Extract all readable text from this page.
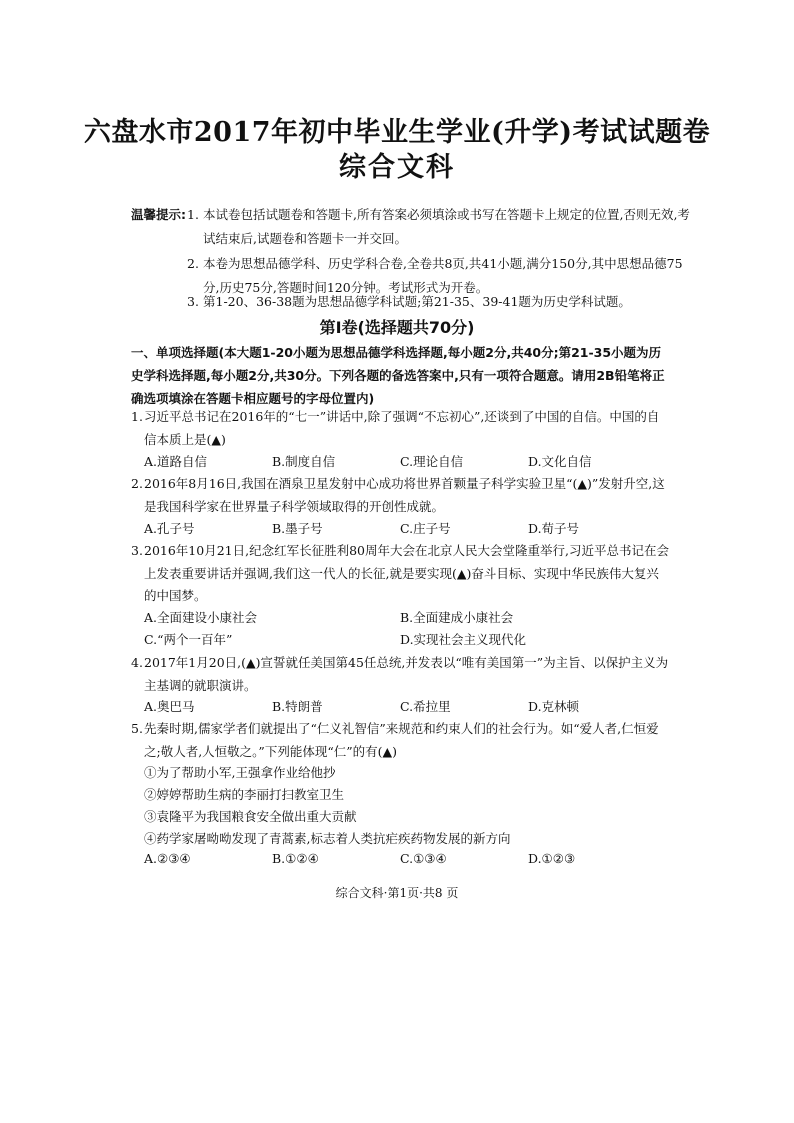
六盘水市2017年初中毕业生学业(升学)考试试题卷
综合文科
温馨提示: 1. 本试卷包括试题卷和答题卡,所有答案必须填涂或书写在答题卡上规定的位置,否则无效,考试结束后,试题卷和答题卡一并交回。
2. 本卷为思想品德学科、历史学科合卷,全卷共8页,共41小题,满分150分,其中思想品德75分,历史75分,答题时间120分钟。考试形式为开卷。
3. 第1-20、36-38题为思想品德学科试题;第21-35、39-41题为历史学科试题。
第Ⅰ卷(选择题共70分)
一、单项选择题(本大题1-20小题为思想品德学科选择题,每小题2分,共40分;第21-35小题为历史学科选择题,每小题2分,共30分。下列各题的备选答案中,只有一项符合题意。请用2B铅笔将正确选项填涂在答题卡相应题号的字母位置内)
1. 习近平总书记在2016年的“七一”讲话中,除了强调“不忘初心”,还谈到了中国的自信。中国的自信本质上是(▲)
A.道路自信	B.制度自信	C.理论自信	D.文化自信
2. 2016年8月16日,我国在酒泉卫星发射中心成功将世界首颗量子科学实验卫星“(▲)”发射升空,这是我国科学家在世界量子科学领域取得的开创性成就。
A.孔子号	B.墨子号	C.庄子号	D.荀子号
3. 2016年10月21日,纪念红军长征胜利80周年大会在北京人民大会堂隆重举行,习近平总书记在会上发表重要讲话并强调,我们这一代人的长征,就是要实现(▲)奋斗目标、实现中华民族伟大复兴的中国梦。
A.全面建设小康社会	B.全面建成小康社会
C.“两个一百年”	D.实现社会主义现代化
4. 2017年1月20日,(▲)宣誓就任美国第45任总统,并发表以“唯有美国第一”为主旨、以保护主义为主基调的就职演讲。
A.奥巴马	B.特朗普	C.希拉里	D.克林顿
5. 先秦时期,儒家学者们就提出了“仁义礼智信”来规范和约束人们的社会行为。如“爱人者,仁恒爱之;敬人者,人恒敬之。”下列能体现“仁”的有(▲)
①为了帮助小军,王强拿作业给他抄
②婷婷帮助生病的李丽打扫教室卫生
③袁隆平为我国粮食安全做出重大贡献
④药学家屠呦呦发现了青蒿素,标志着人类抗疟疾药物发展的新方向
A.②③④	B.①②④	C.①③④	D.①②③
综合文科·第1页·共8 页
